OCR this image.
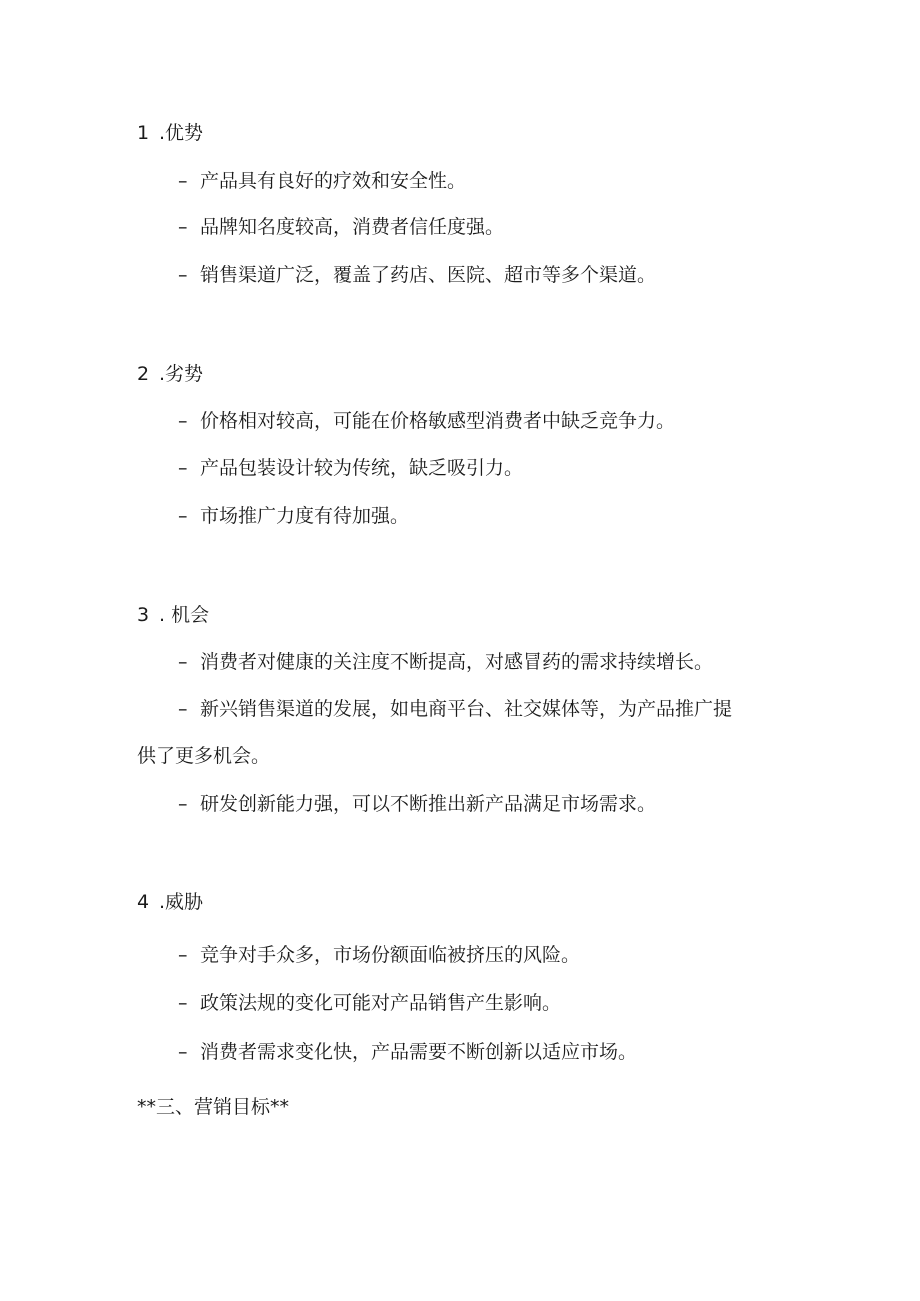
1 .优势
– 产品具有良好的疗效和安全性。
– 品牌知名度较高，消费者信任度强。
– 销售渠道广泛，覆盖了药店、医院、超市等多个渠道。
2 .劣势
– 价格相对较高，可能在价格敏感型消费者中缺乏竞争力。
– 产品包装设计较为传统，缺乏吸引力。
– 市场推广力度有待加强。
3 . 机会
– 消费者对健康的关注度不断提高，对感冒药的需求持续增长。
– 新兴销售渠道的发展，如电商平台、社交媒体等，为产品推广提
供了更多机会。
– 研发创新能力强，可以不断推出新产品满足市场需求。
4 .威胁
– 竞争对手众多，市场份额面临被挤压的风险。
– 政策法规的变化可能对产品销售产生影响。
– 消费者需求变化快，产品需要不断创新以适应市场。
**三、营销目标**
